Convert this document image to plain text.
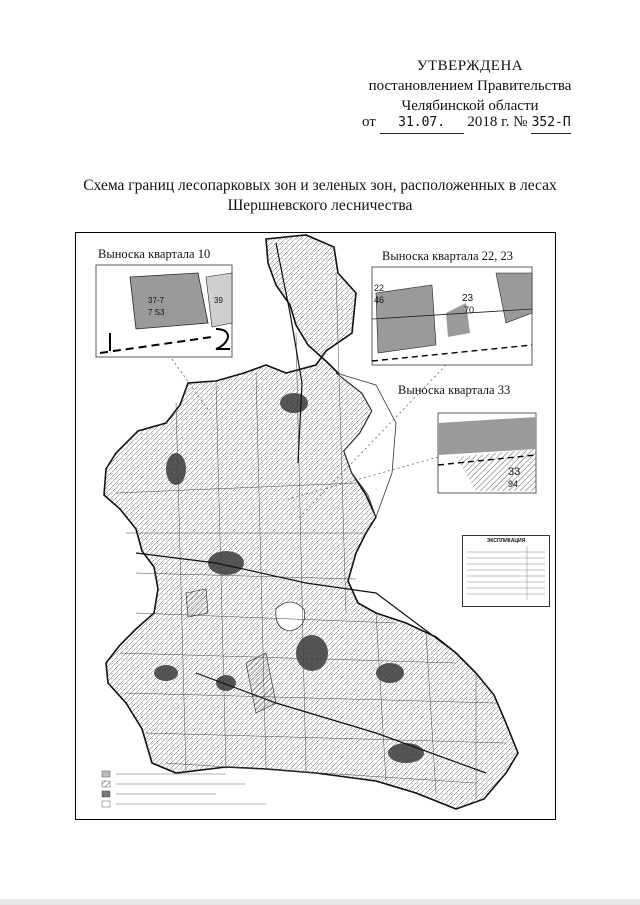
УТВЕРЖДЕНА
постановлением Правительства
Челябинской области
от 31.07. 2018 г. № 352-П
Схема границ лесопарковых зон и зеленых зон, расположенных в лесах
Шершневского лесничества
37-7
7 S3
39
22
46	23
70
33
94
Выноска квартала 10	Выноска квартала 22, 23
Выноска квартала 33
ЭКСПЛИКАЦИЯ
